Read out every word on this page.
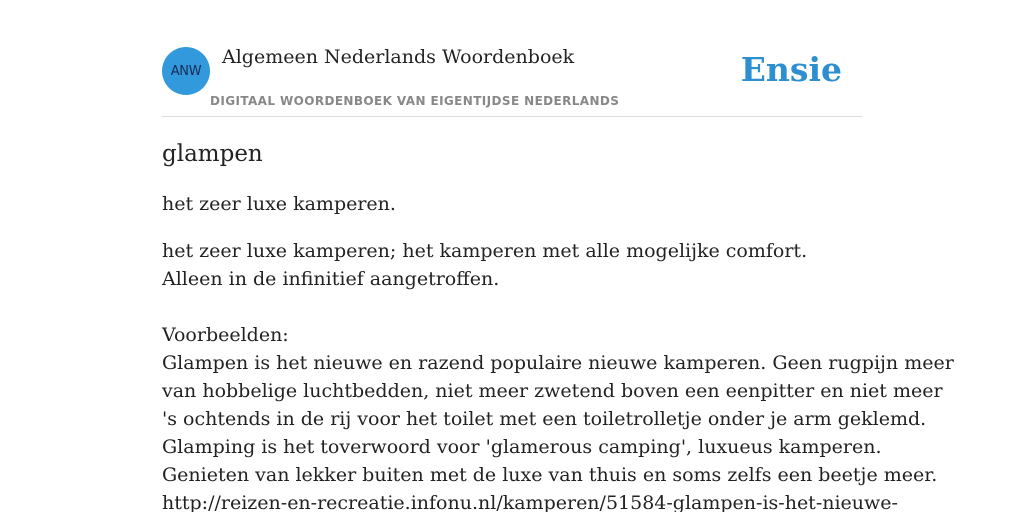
ANW
Algemeen Nederlands Woordenboek
DIGITAAL WOORDENBOEK VAN EIGENTIJDSE NEDERLANDS
Ensie
glampen

het zeer luxe kamperen.

het zeer luxe kamperen; het kamperen met alle mogelijke comfort.
Alleen in de infinitief aangetroffen.
Voorbeelden:
Glampen is het nieuwe en razend populaire nieuwe kamperen. Geen rugpijn meer
van hobbelige luchtbedden, niet meer zwetend boven een eenpitter en niet meer
's ochtends in de rij voor het toilet met een toiletrolletje onder je arm geklemd.
Glamping is het toverwoord voor 'glamerous camping', luxueus kamperen.
Genieten van lekker buiten met de luxe van thuis en soms zelfs een beetje meer.
http://reizen-en-recreatie.infonu.nl/kamperen/51584-glampen-is-het-nieuwe-
